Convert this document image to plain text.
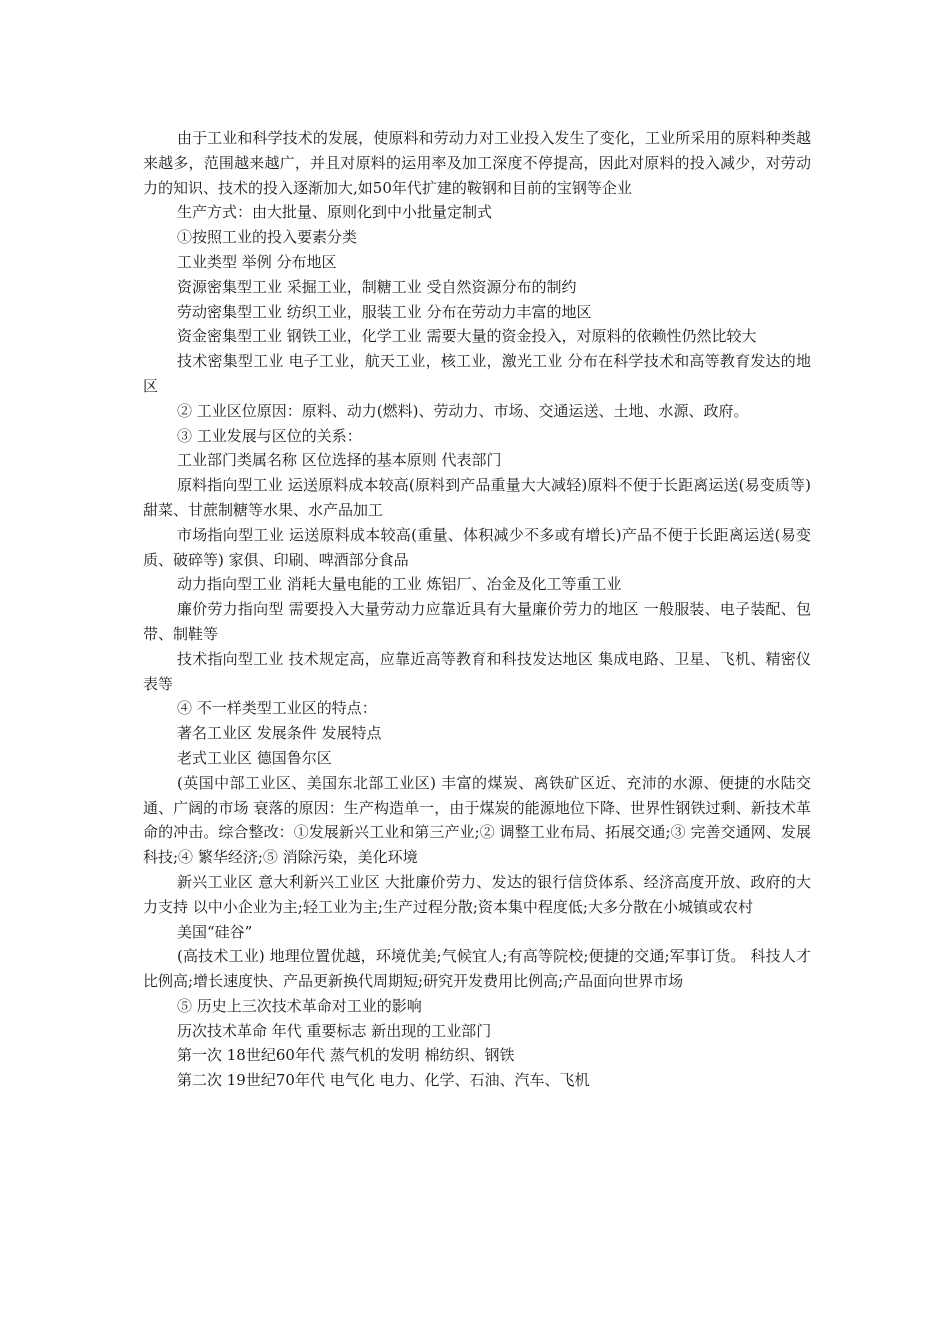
由于工业和科学技术的发展，使原料和劳动力对工业投入发生了变化，工业所采用的原料种类越来越多，范围越来越广，并且对原料的运用率及加工深度不停提高，因此对原料的投入减少，对劳动力的知识、技术的投入逐渐加大,如50年代扩建的鞍钢和目前的宝钢等企业

生产方式：由大批量、原则化到中小批量定制式

①按照工业的投入要素分类

工业类型 举例 分布地区

资源密集型工业 采掘工业，制糖工业 受自然资源分布的制约

劳动密集型工业 纺织工业，服装工业 分布在劳动力丰富的地区

资金密集型工业 钢铁工业，化学工业 需要大量的资金投入，对原料的依赖性仍然比较大

技术密集型工业 电子工业，航天工业，核工业，激光工业 分布在科学技术和高等教育发达的地区

② 工业区位原因：原料、动力(燃料)、劳动力、市场、交通运送、土地、水源、政府。

③ 工业发展与区位的关系：

工业部门类属名称 区位选择的基本原则 代表部门

原料指向型工业 运送原料成本较高(原料到产品重量大大减轻)原料不便于长距离运送(易变质等) 甜菜、甘蔗制糖等水果、水产品加工

市场指向型工业 运送原料成本较高(重量、体积减少不多或有增长)产品不便于长距离运送(易变质、破碎等) 家俱、印刷、啤酒部分食品

动力指向型工业 消耗大量电能的工业 炼铝厂、冶金及化工等重工业

廉价劳力指向型 需要投入大量劳动力应靠近具有大量廉价劳力的地区 一般服装、电子装配、包带、制鞋等

技术指向型工业 技术规定高，应靠近高等教育和科技发达地区 集成电路、卫星、飞机、精密仪表等

④ 不一样类型工业区的特点：

著名工业区 发展条件 发展特点

老式工业区 德国鲁尔区

(英国中部工业区、美国东北部工业区) 丰富的煤炭、离铁矿区近、充沛的水源、便捷的水陆交通、广阔的市场 衰落的原因：生产构造单一，由于煤炭的能源地位下降、世界性钢铁过剩、新技术革命的冲击。综合整改：①发展新兴工业和第三产业;② 调整工业布局、拓展交通;③ 完善交通网、发展科技;④ 繁华经济;⑤ 消除污染，美化环境

新兴工业区 意大利新兴工业区 大批廉价劳力、发达的银行信贷体系、经济高度开放、政府的大力支持 以中小企业为主;轻工业为主;生产过程分散;资本集中程度低;大多分散在小城镇或农村

美国“硅谷”

(高技术工业) 地理位置优越，环境优美;气候宜人;有高等院校;便捷的交通;军事订货。 科技人才比例高;增长速度快、产品更新换代周期短;研究开发费用比例高;产品面向世界市场

⑤ 历史上三次技术革命对工业的影响

历次技术革命 年代 重要标志 新出现的工业部门

第一次 18世纪60年代 蒸气机的发明 棉纺织、钢铁

第二次 19世纪70年代 电气化 电力、化学、石油、汽车、飞机
